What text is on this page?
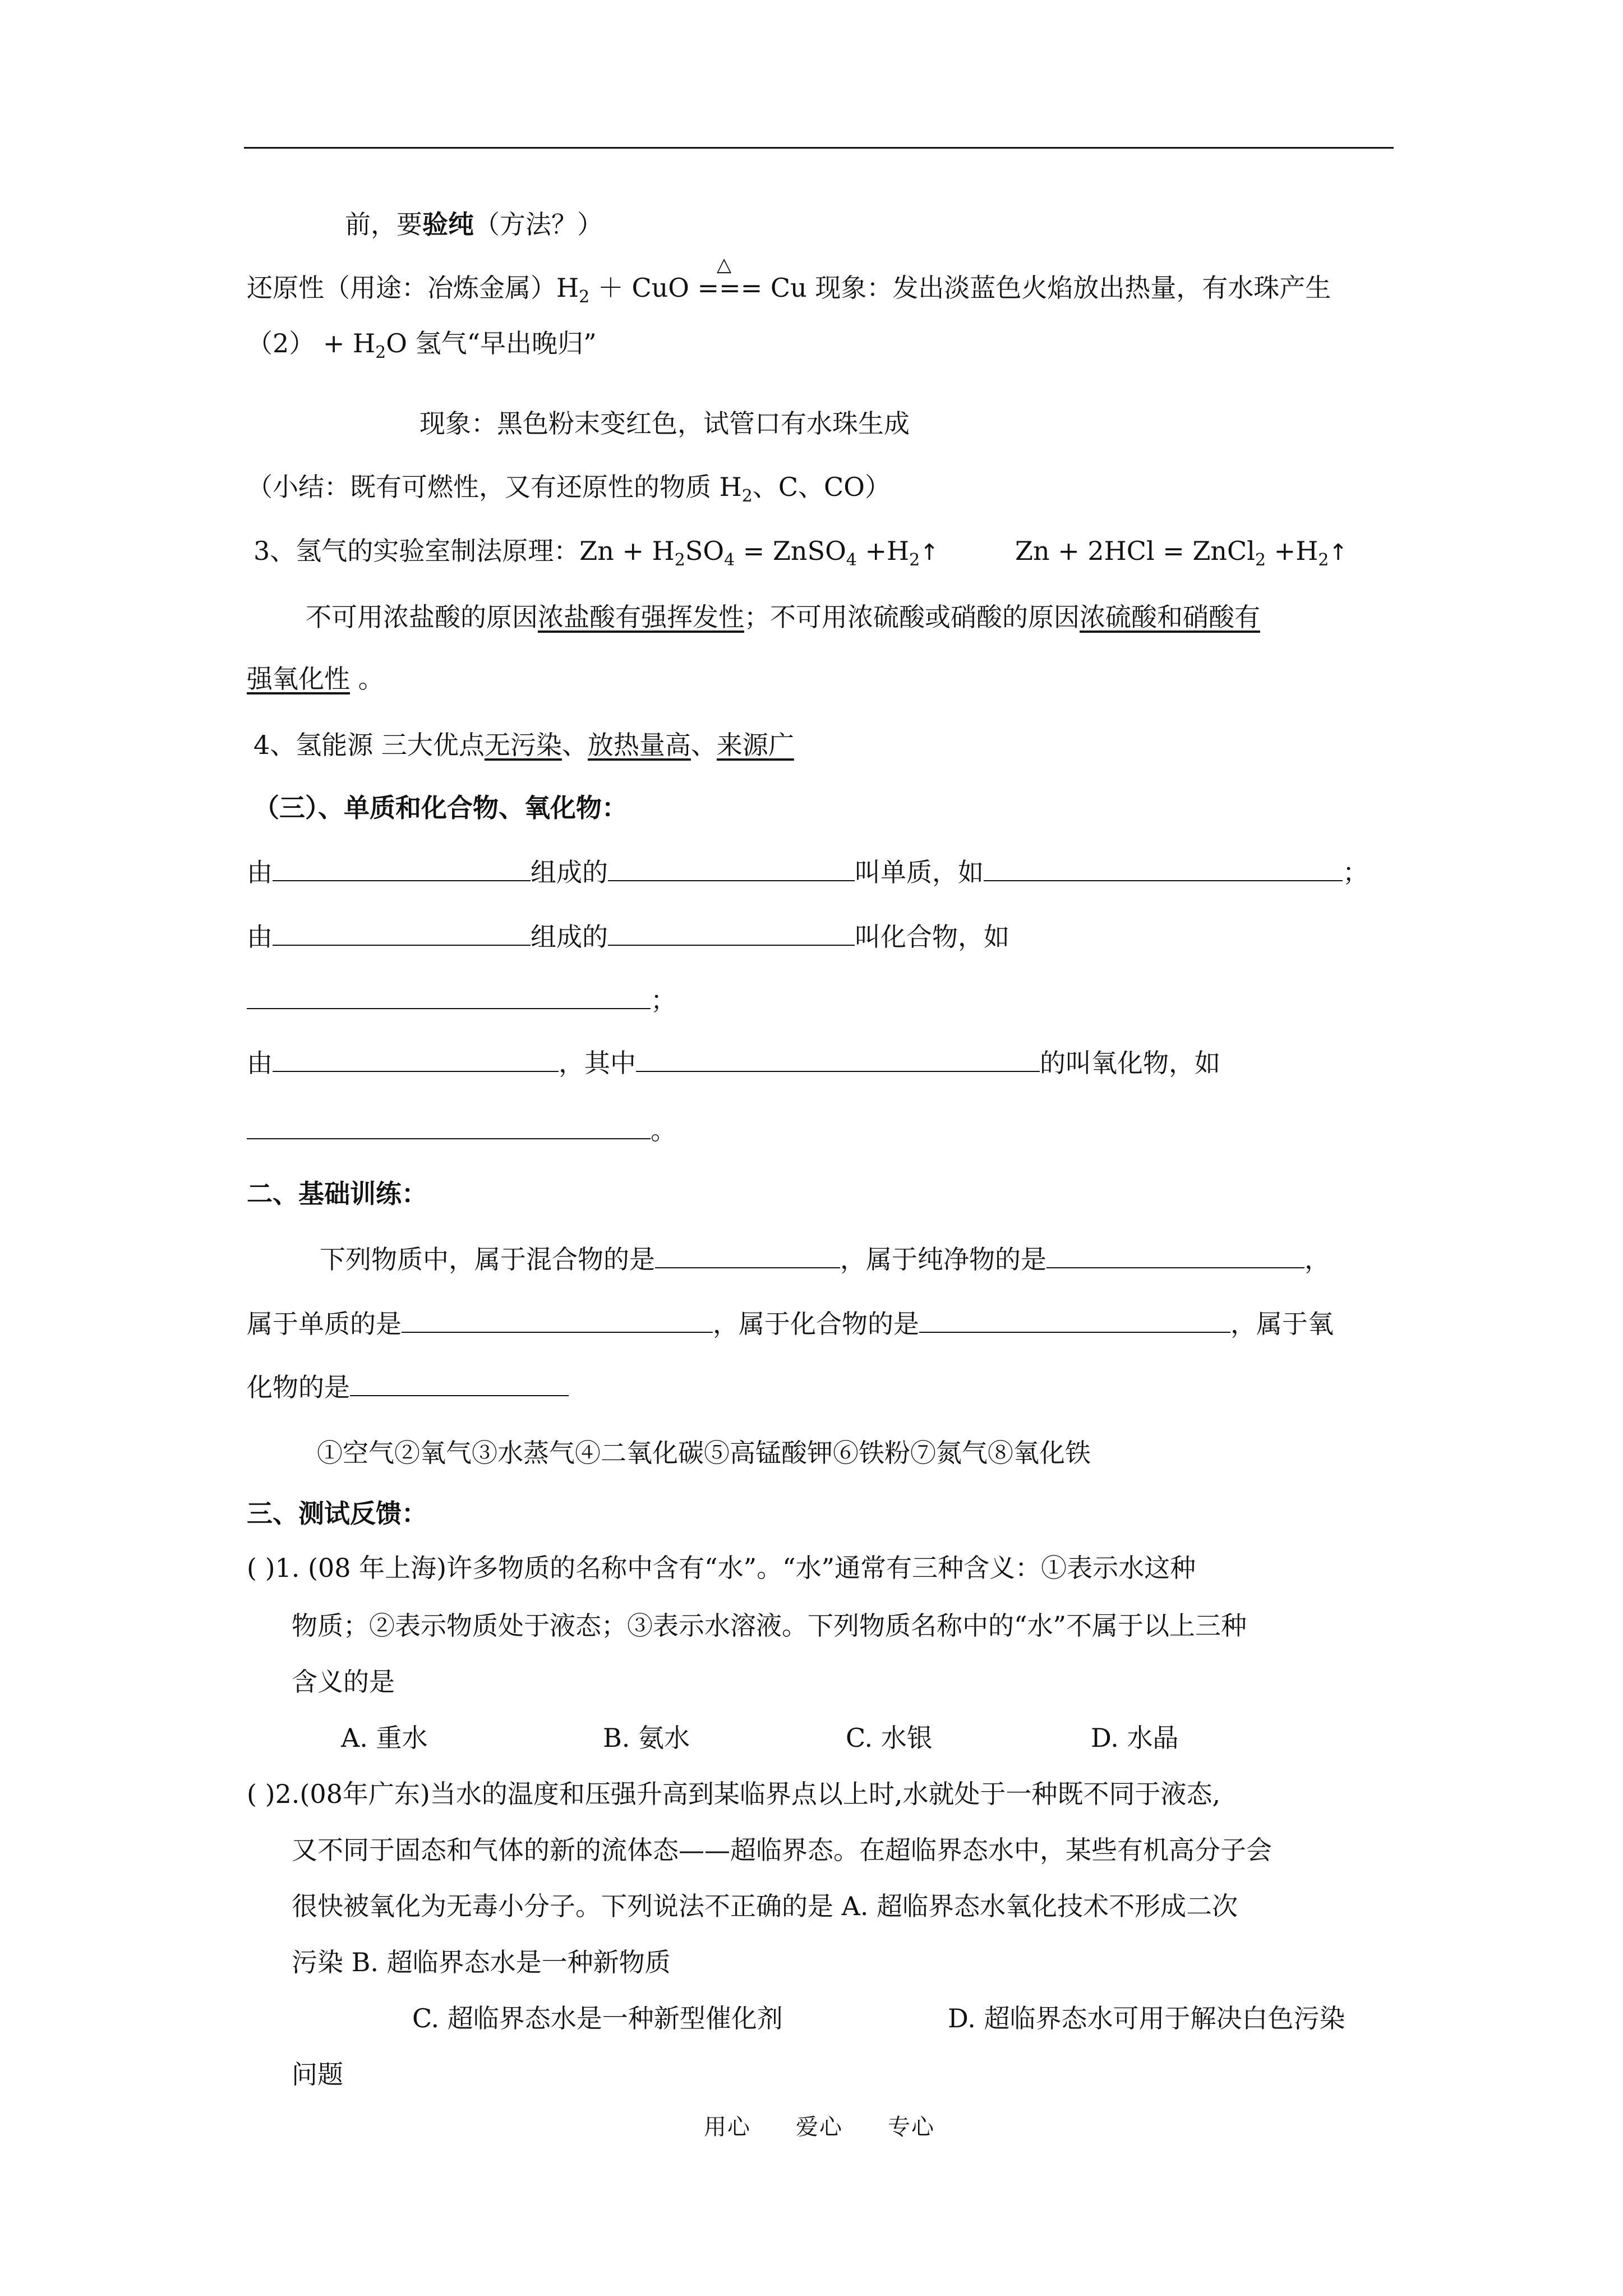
前，要验纯（方法？）
△
还原性（用途：冶炼金属）$H_2$ ＋ CuO === Cu 现象：发出淡蓝色火焰放出热量，有水珠产生
$(2) + H_2O$ 氢气“早出晚归”
现象：黑色粉末变红色，试管口有水珠生成
（小结：既有可燃性，又有还原性的物质 $H_2$、C、CO）
3、氢气的实验室制法原理：$Zn + H_2SO_4$ = ZnSO$_4$ $+H_2↑$	Zn + 2HCl = ZnCl$_2$ $+H_2↑$
不可用浓盐酸的原因浓盐酸有强挥发性；不可用浓硫酸或硝酸的原因浓硫酸和硝酸有
强氧化性 。
4、氢能源 三大优点无污染、放热量高、来源广
（三）、单质和化合物、氧化物：
由	组成的	叫单质，如	；
由	组成的	叫化合物，如
；
由	，其中	的叫氧化物，如
。
二、基础训练：
下列物质中，属于混合物的是	，属于纯净物的是	，
属于单质的是	，属于化合物的是	，属于氧
化物的是
①空气②氧气③水蒸气④二氧化碳⑤高锰酸钾⑥铁粉⑦氮气⑧氧化铁
三、测试反馈：
( )1. (08 年上海)许多物质的名称中含有“水”。“水”通常有三种含义：①表示水这种
物质；②表示物质处于液态；③表示水溶液。下列物质名称中的“水”不属于以上三种
含义的是
A. 重水	B. 氨水	C. 水银	D. 水晶
( )2.(08年广东)当水的温度和压强升高到某临界点以上时,水就处于一种既不同于液态,
又不同于固态和气体的新的流体态——超临界态。在超临界态水中，某些有机高分子会
很快被氧化为无毒小分子。下列说法不正确的是 A. 超临界态水氧化技术不形成二次
污染 B. 超临界态水是一种新物质
C. 超临界态水是一种新型催化剂	D. 超临界态水可用于解决白色污染
问题
用心 爱心 专心
